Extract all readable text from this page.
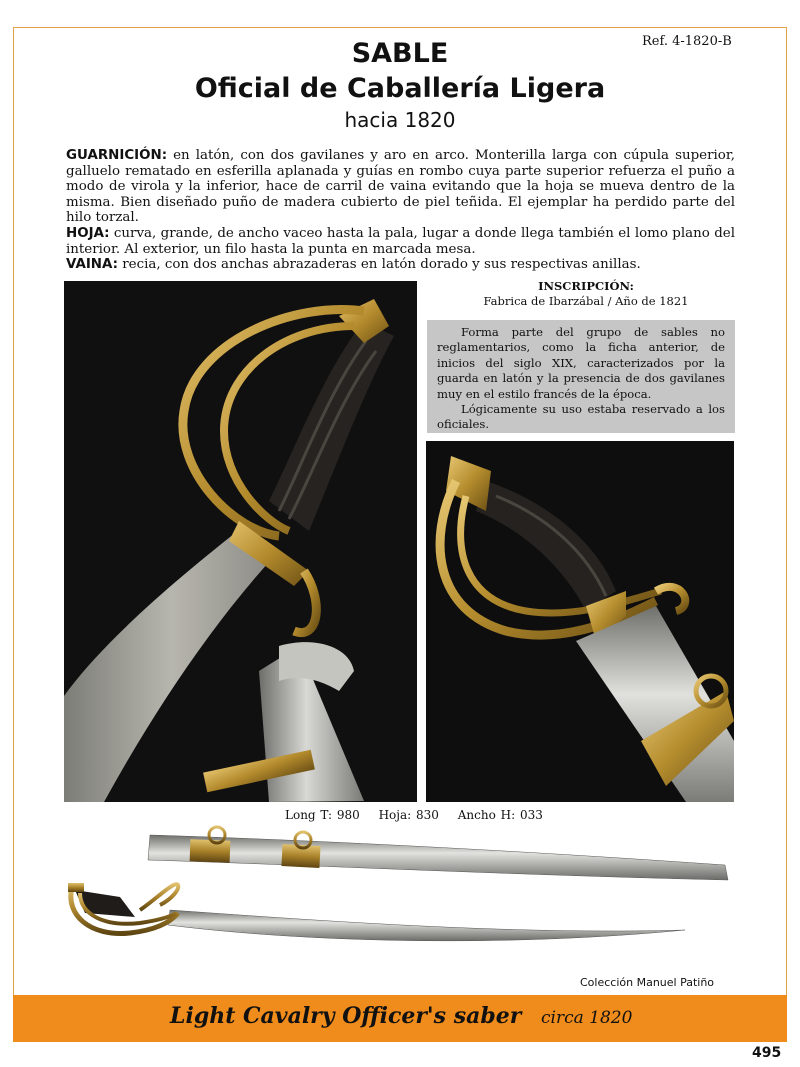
Ref. 4-1820-B
SABLE
Oficial de Caballería Ligera
hacia 1820

GUARNICIÓN: en latón, con dos gavilanes y aro en arco. Monterilla larga con cúpula superior, galluelo rematado en esferilla aplanada y guías en rombo cuya parte superior refuerza el puño a modo de virola y la inferior, hace de carril de vaina evitando que la hoja se mueva dentro de la misma. Bien diseñado puño de madera cubierto de piel teñida. El ejemplar ha perdido parte del hilo torzal.

HOJA: curva, grande, de ancho vaceo hasta la pala, lugar a donde llega también el lomo plano del interior. Al exterior, un filo hasta la punta en marcada mesa.

VAINA: recia, con dos anchas abrazaderas en latón dorado y sus respectivas anillas.

INSCRIPCIÓN:
Fabrica de Ibarzábal / Año de 1821

Forma parte del grupo de sables no reglamentarios, como la ficha anterior, de inicios del siglo XIX, caracterizados por la guarda en latón y la presencia de dos gavilanes muy en el estilo francés de la época.

Lógicamente su uso estaba reservado a los oficiales.

Long T: 980 Hoja: 830 Ancho H: 033
Colección Manuel Patiño
Light Cavalry Officer's saber circa 1820
495
